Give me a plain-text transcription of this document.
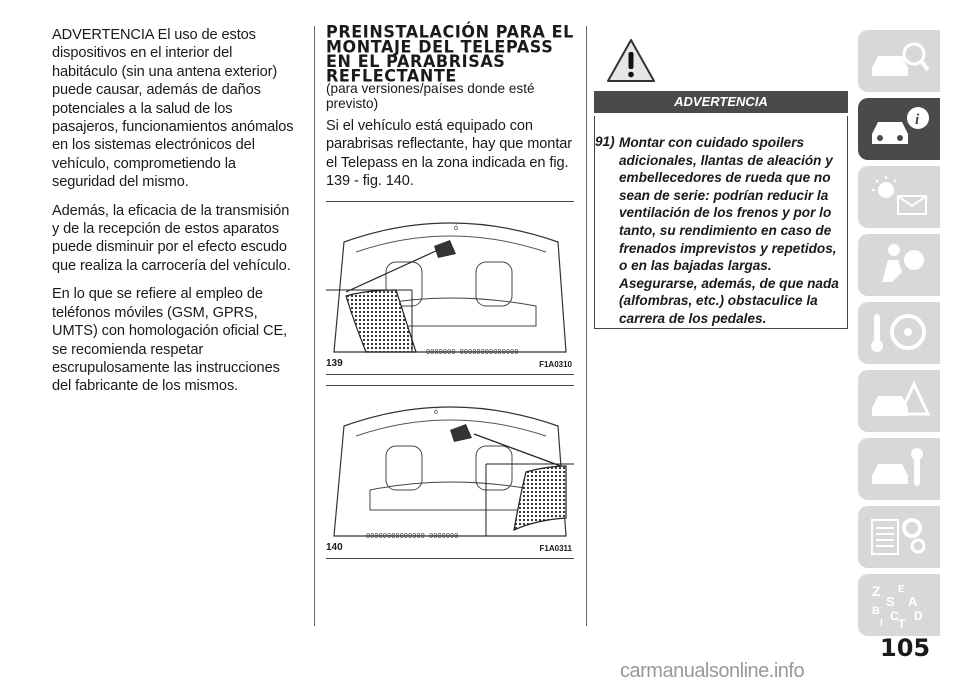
ADVERTENCIA El uso de estos dispositivos en el interior del habitáculo (sin una antena exterior) puede causar, además de daños potenciales a la salud de los pasajeros, funcionamientos anómalos en los sistemas electrónicos del vehículo, comprometiendo la seguridad del mismo.

Además, la eficacia de la transmisión y de la recepción de estos aparatos puede disminuir por el efecto escudo que realiza la carrocería del vehículo.

En lo que se refiere al empleo de teléfonos móviles (GSM, GPRS, UMTS) con homologación oficial CE, se recomienda respetar escrupulosamente las instrucciones del fabricante de los mismos.

PREINSTALACIÓN PARA EL
MONTAJE DEL TELEPASS
EN EL PARABRISAS
REFLECTANTE

(para versiones/países donde esté previsto)

Si el vehículo está equipado con parabrisas reflectante, hay que montar el Telepass en la zona indicada en fig. 139 - fig. 140.

0000000 00000000000000
ó
139	F1A0310
00000000000000 0000000
ó
140	F1A0311
ADVERTENCIA
91) Montar con cuidado spoilers adicionales, llantas de aleación y embellecedores de rueda que no sean de serie: podrían reducir la ventilación de los frenos y por lo tanto, su rendimiento en caso de frenados imprevistos y repetidos, o en las bajadas largas. Asegurarse, además, de que nada (alfombras, etc.) obstaculice la carrera de los pedales.
i
Z E
S A
B C D
I T
105
carmanualsonline.info
